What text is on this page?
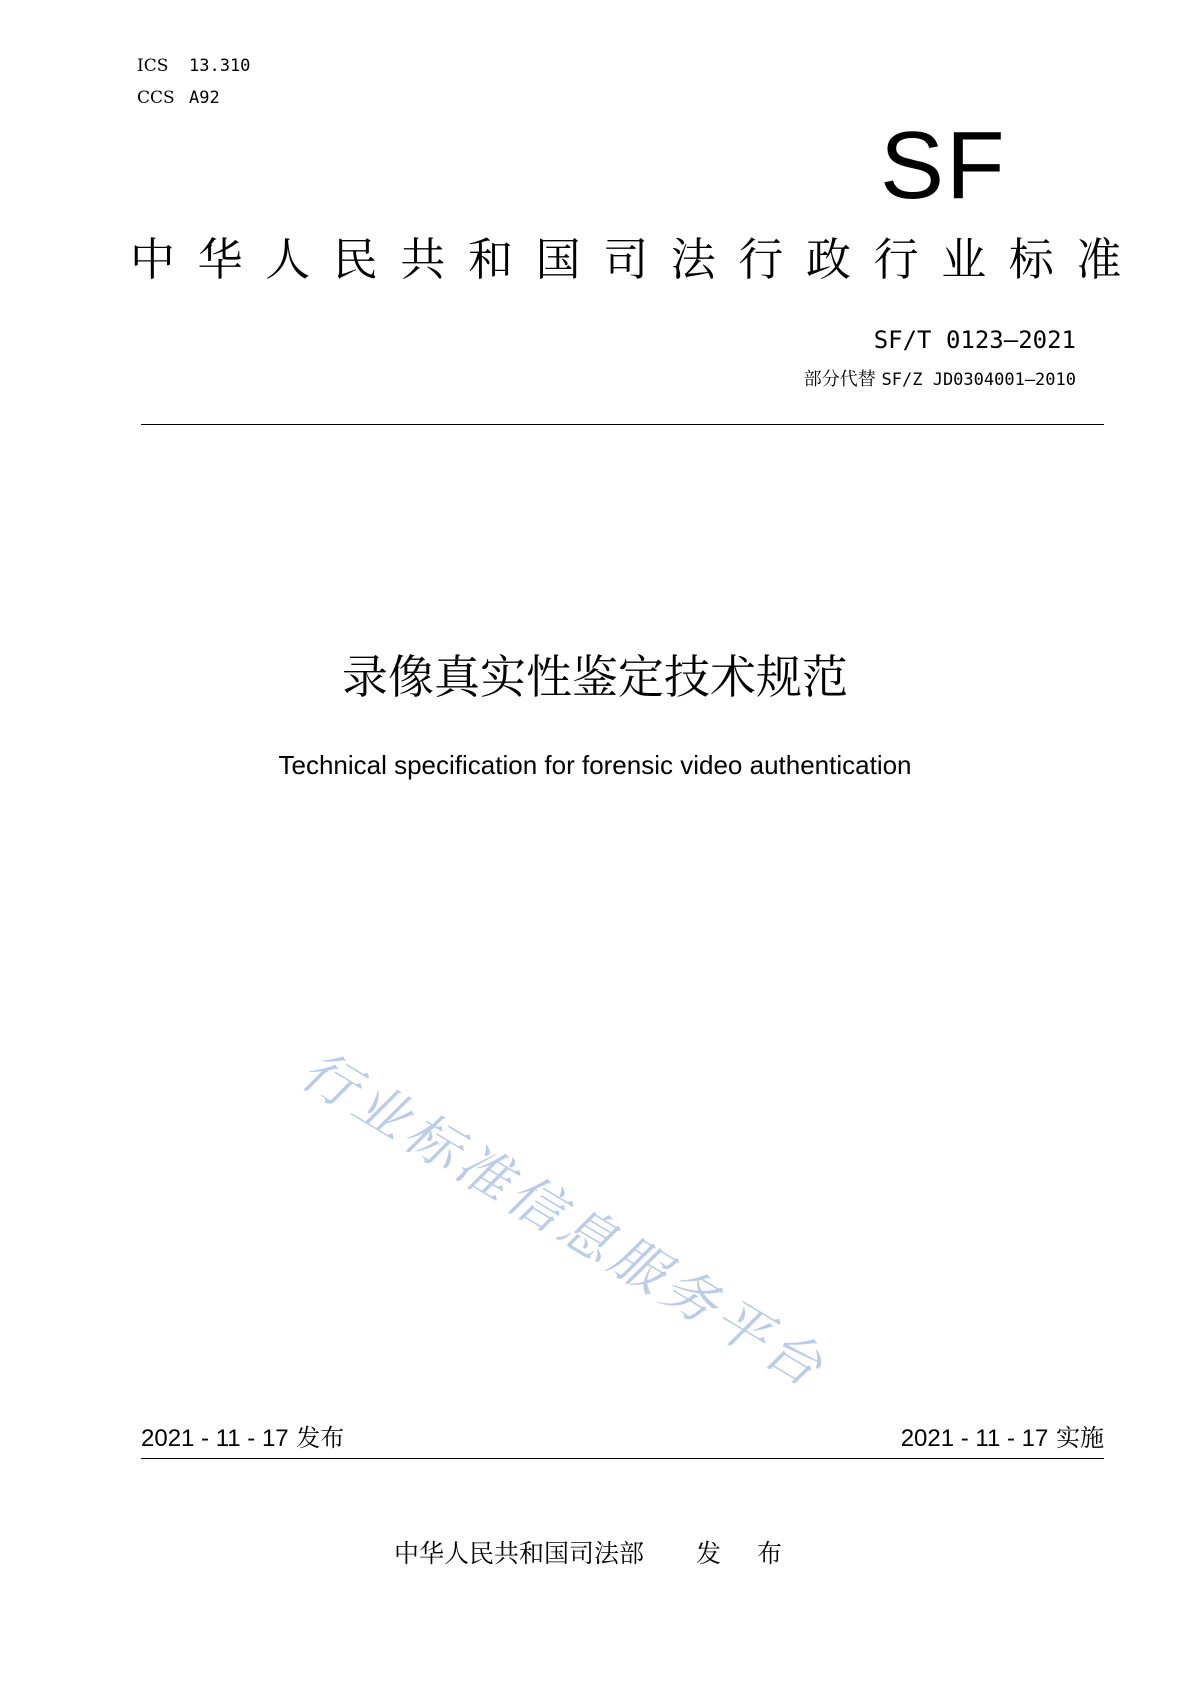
ICS 13.310
CCS A92
SF
中华人民共和国司法行政行业标准
SF/T 0123—2021
部分代替 SF/Z JD0304001—2010
录像真实性鉴定技术规范
Technical specification for forensic video authentication
行业标准信息服务平台
2021 - 11 - 17 发布	2021 - 11 - 17 实施
中华人民共和国司法部 发 布
